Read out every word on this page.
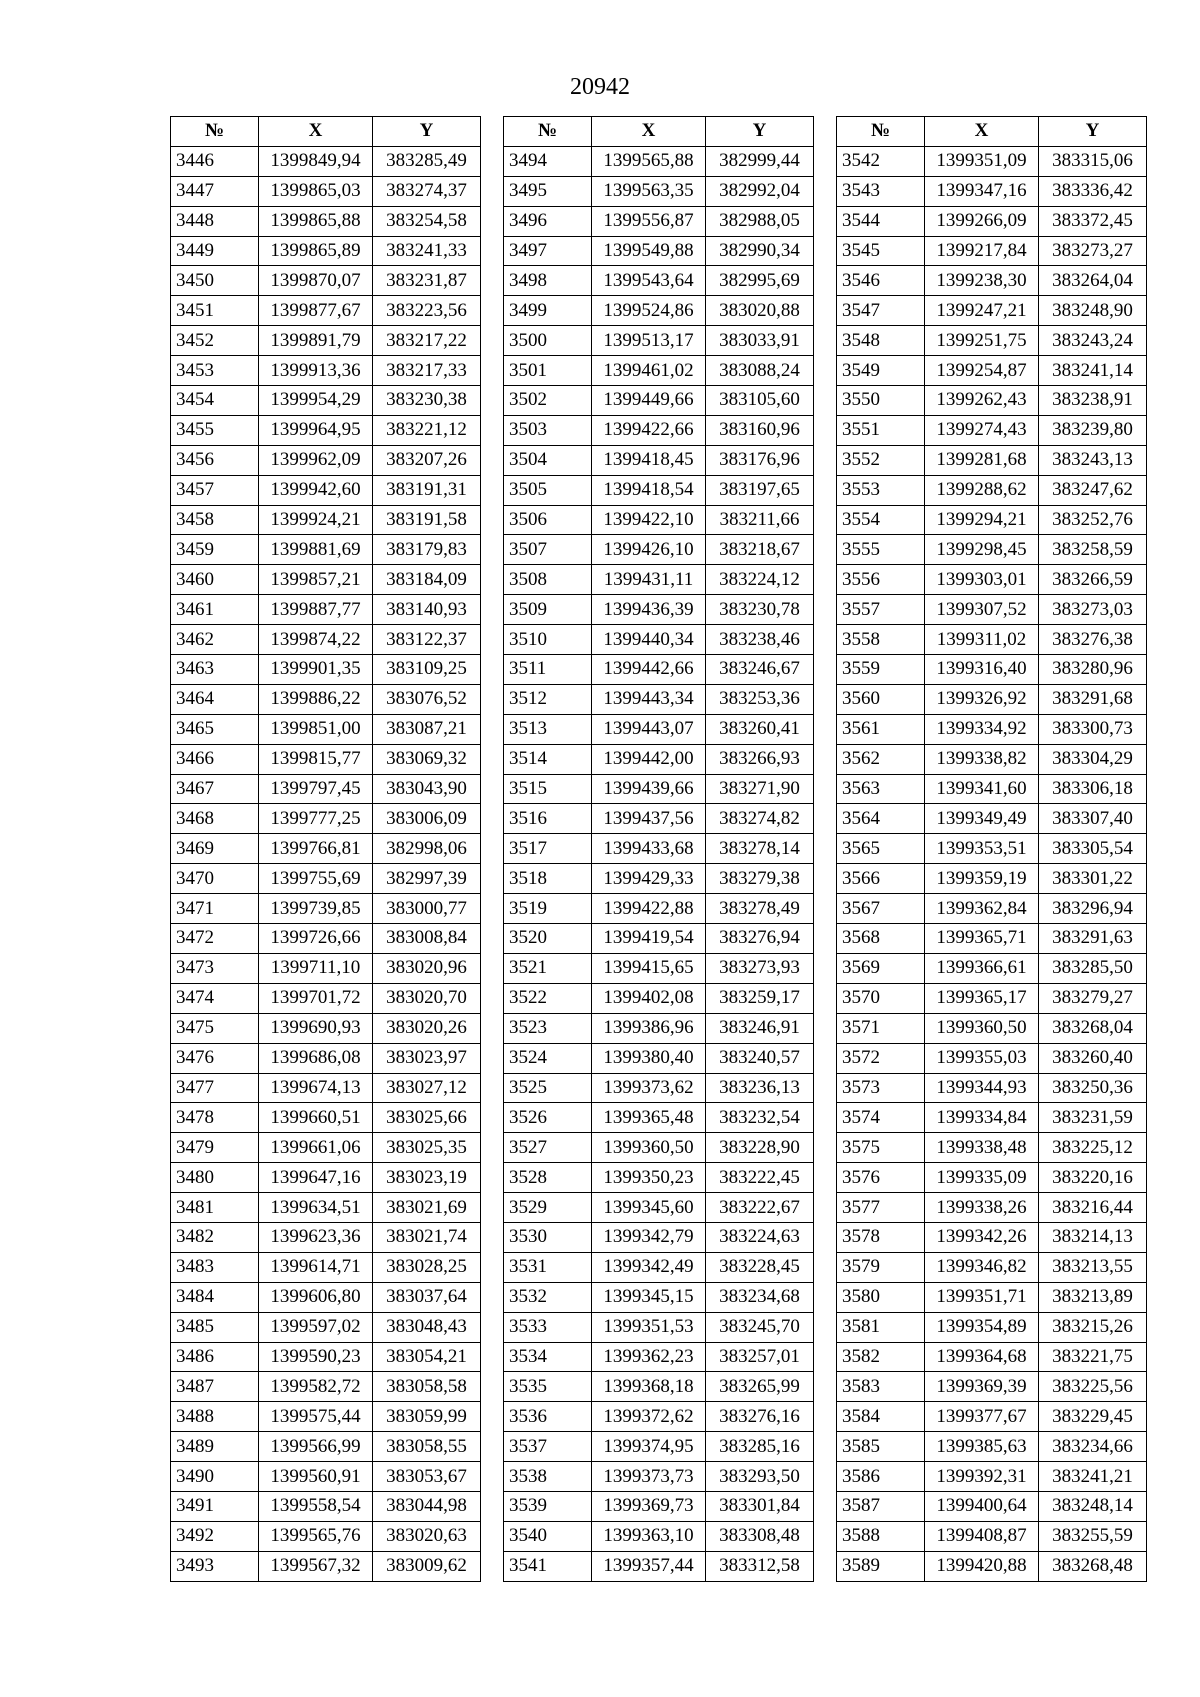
20942
№	X	Y
3446	1399849,94	383285,49
3447	1399865,03	383274,37
3448	1399865,88	383254,58
3449	1399865,89	383241,33
3450	1399870,07	383231,87
3451	1399877,67	383223,56
3452	1399891,79	383217,22
3453	1399913,36	383217,33
3454	1399954,29	383230,38
3455	1399964,95	383221,12
3456	1399962,09	383207,26
3457	1399942,60	383191,31
3458	1399924,21	383191,58
3459	1399881,69	383179,83
3460	1399857,21	383184,09
3461	1399887,77	383140,93
3462	1399874,22	383122,37
3463	1399901,35	383109,25
3464	1399886,22	383076,52
3465	1399851,00	383087,21
3466	1399815,77	383069,32
3467	1399797,45	383043,90
3468	1399777,25	383006,09
3469	1399766,81	382998,06
3470	1399755,69	382997,39
3471	1399739,85	383000,77
3472	1399726,66	383008,84
3473	1399711,10	383020,96
3474	1399701,72	383020,70
3475	1399690,93	383020,26
3476	1399686,08	383023,97
3477	1399674,13	383027,12
3478	1399660,51	383025,66
3479	1399661,06	383025,35
3480	1399647,16	383023,19
3481	1399634,51	383021,69
3482	1399623,36	383021,74
3483	1399614,71	383028,25
3484	1399606,80	383037,64
3485	1399597,02	383048,43
3486	1399590,23	383054,21
3487	1399582,72	383058,58
3488	1399575,44	383059,99
3489	1399566,99	383058,55
3490	1399560,91	383053,67
3491	1399558,54	383044,98
3492	1399565,76	383020,63
3493	1399567,32	383009,62
№	X	Y
3494	1399565,88	382999,44
3495	1399563,35	382992,04
3496	1399556,87	382988,05
3497	1399549,88	382990,34
3498	1399543,64	382995,69
3499	1399524,86	383020,88
3500	1399513,17	383033,91
3501	1399461,02	383088,24
3502	1399449,66	383105,60
3503	1399422,66	383160,96
3504	1399418,45	383176,96
3505	1399418,54	383197,65
3506	1399422,10	383211,66
3507	1399426,10	383218,67
3508	1399431,11	383224,12
3509	1399436,39	383230,78
3510	1399440,34	383238,46
3511	1399442,66	383246,67
3512	1399443,34	383253,36
3513	1399443,07	383260,41
3514	1399442,00	383266,93
3515	1399439,66	383271,90
3516	1399437,56	383274,82
3517	1399433,68	383278,14
3518	1399429,33	383279,38
3519	1399422,88	383278,49
3520	1399419,54	383276,94
3521	1399415,65	383273,93
3522	1399402,08	383259,17
3523	1399386,96	383246,91
3524	1399380,40	383240,57
3525	1399373,62	383236,13
3526	1399365,48	383232,54
3527	1399360,50	383228,90
3528	1399350,23	383222,45
3529	1399345,60	383222,67
3530	1399342,79	383224,63
3531	1399342,49	383228,45
3532	1399345,15	383234,68
3533	1399351,53	383245,70
3534	1399362,23	383257,01
3535	1399368,18	383265,99
3536	1399372,62	383276,16
3537	1399374,95	383285,16
3538	1399373,73	383293,50
3539	1399369,73	383301,84
3540	1399363,10	383308,48
3541	1399357,44	383312,58
№	X	Y
3542	1399351,09	383315,06
3543	1399347,16	383336,42
3544	1399266,09	383372,45
3545	1399217,84	383273,27
3546	1399238,30	383264,04
3547	1399247,21	383248,90
3548	1399251,75	383243,24
3549	1399254,87	383241,14
3550	1399262,43	383238,91
3551	1399274,43	383239,80
3552	1399281,68	383243,13
3553	1399288,62	383247,62
3554	1399294,21	383252,76
3555	1399298,45	383258,59
3556	1399303,01	383266,59
3557	1399307,52	383273,03
3558	1399311,02	383276,38
3559	1399316,40	383280,96
3560	1399326,92	383291,68
3561	1399334,92	383300,73
3562	1399338,82	383304,29
3563	1399341,60	383306,18
3564	1399349,49	383307,40
3565	1399353,51	383305,54
3566	1399359,19	383301,22
3567	1399362,84	383296,94
3568	1399365,71	383291,63
3569	1399366,61	383285,50
3570	1399365,17	383279,27
3571	1399360,50	383268,04
3572	1399355,03	383260,40
3573	1399344,93	383250,36
3574	1399334,84	383231,59
3575	1399338,48	383225,12
3576	1399335,09	383220,16
3577	1399338,26	383216,44
3578	1399342,26	383214,13
3579	1399346,82	383213,55
3580	1399351,71	383213,89
3581	1399354,89	383215,26
3582	1399364,68	383221,75
3583	1399369,39	383225,56
3584	1399377,67	383229,45
3585	1399385,63	383234,66
3586	1399392,31	383241,21
3587	1399400,64	383248,14
3588	1399408,87	383255,59
3589	1399420,88	383268,48
